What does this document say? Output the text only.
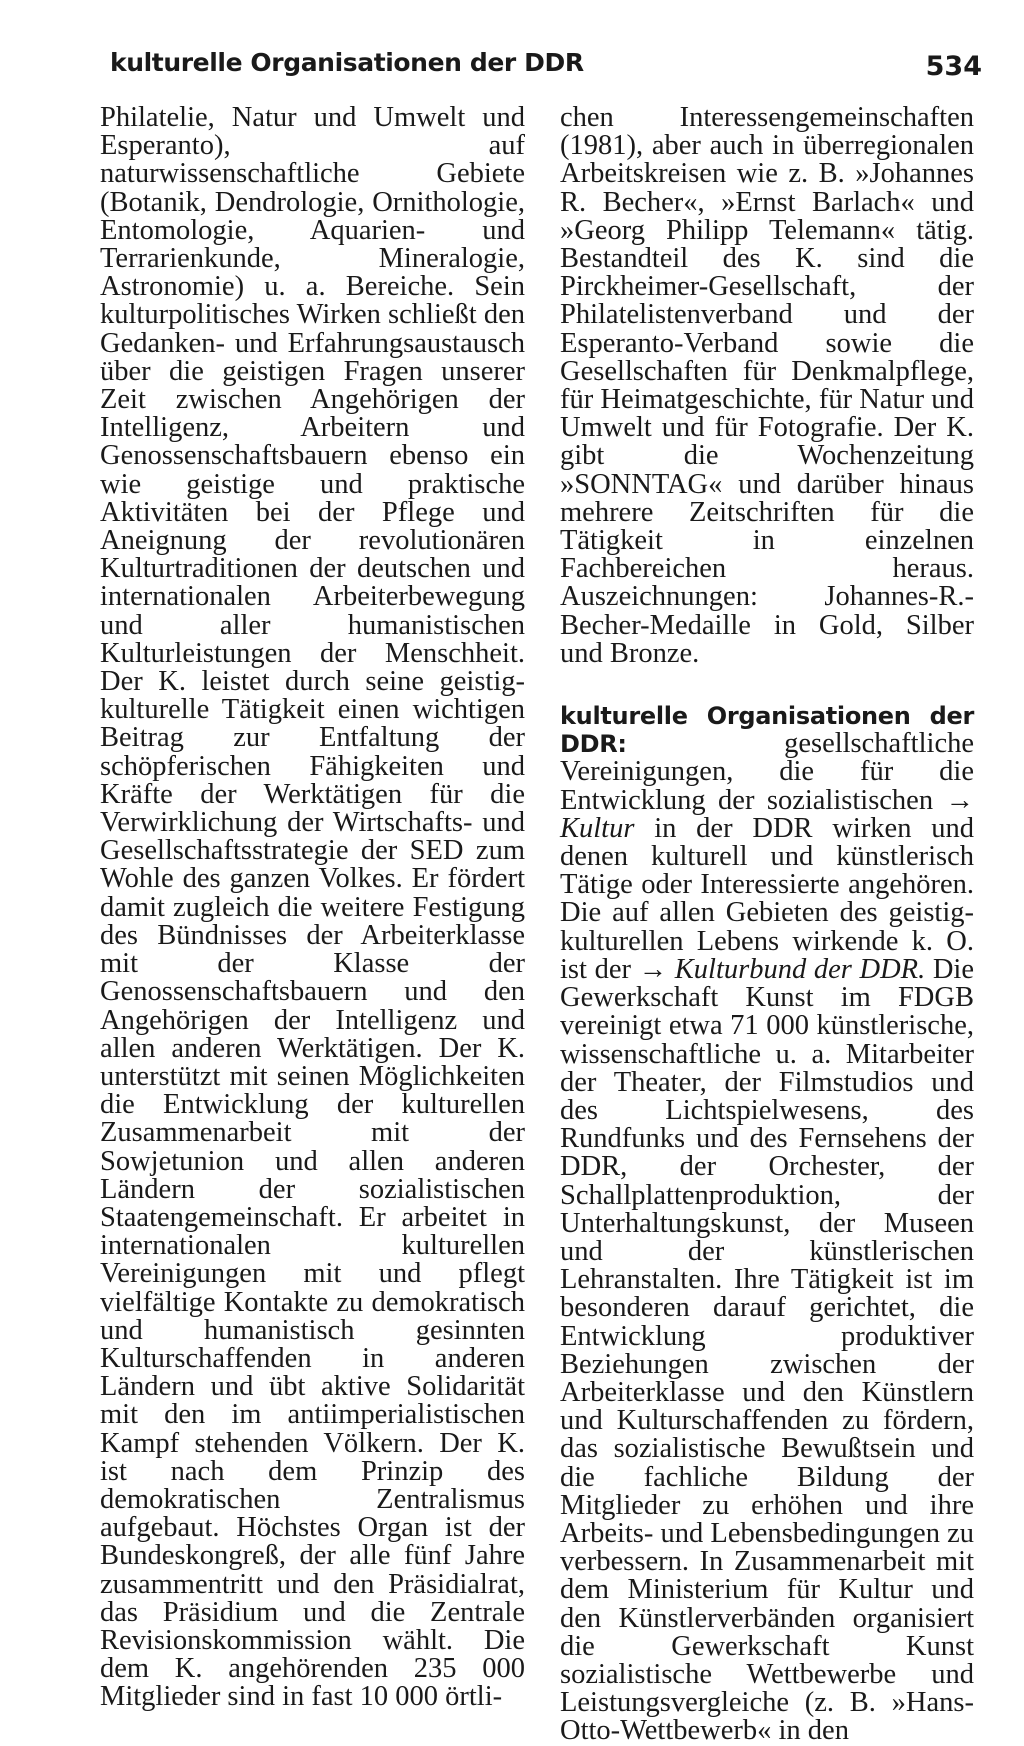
kulturelle Organisationen der DDR	534

Philatelie, Natur und Umwelt und Esperanto), auf naturwissenschaftliche Gebiete (Botanik, Dendrologie, Ornithologie, Entomologie, Aquarien- und Terrarienkunde, Mineralogie, Astronomie) u. a. Bereiche. Sein kulturpolitisches Wirken schließt den Gedanken- und Erfahrungsaustausch über die geistigen Fragen unserer Zeit zwischen Angehörigen der Intelligenz, Arbeitern und Genossenschaftsbauern ebenso ein wie geistige und praktische Aktivitäten bei der Pflege und Aneignung der revolutionären Kulturtraditionen der deutschen und internationalen Arbeiterbewegung und aller humanistischen Kulturleistungen der Menschheit. Der K. leistet durch seine geistig-kulturelle Tätigkeit einen wichtigen Beitrag zur Entfaltung der schöpferischen Fähigkeiten und Kräfte der Werktätigen für die Verwirklichung der Wirtschafts- und Gesellschaftsstrategie der SED zum Wohle des ganzen Volkes. Er fördert damit zugleich die weitere Festigung des Bündnisses der Arbeiterklasse mit der Klasse der Genossenschaftsbauern und den Angehörigen der Intelligenz und allen anderen Werktätigen. Der K. unterstützt mit seinen Möglichkeiten die Entwicklung der kulturellen Zusammenarbeit mit der Sowjetunion und allen anderen Ländern der sozialistischen Staatengemeinschaft. Er arbeitet in internationalen kulturellen Vereinigungen mit und pflegt vielfältige Kontakte zu demokratisch und humanistisch gesinnten Kulturschaffenden in anderen Ländern und übt aktive Solidarität mit den im antiimperialistischen Kampf stehenden Völkern. Der K. ist nach dem Prinzip des demokratischen Zentralismus aufgebaut. Höchstes Organ ist der Bundeskongreß, der alle fünf Jahre zusammentritt und den Präsidialrat, das Präsidium und die Zentrale Revisionskommission wählt. Die dem K. angehörenden 235 000 Mitglieder sind in fast 10 000 örtli-

chen Interessengemeinschaften (1981), aber auch in überregionalen Arbeitskreisen wie z. B. »Johannes R. Becher«, »Ernst Barlach« und »Georg Philipp Telemann« tätig. Bestandteil des K. sind die Pirckheimer-Gesellschaft, der Philatelistenverband und der Esperanto-Verband sowie die Gesellschaften für Denkmalpflege, für Heimatgeschichte, für Natur und Umwelt und für Fotografie. Der K. gibt die Wochenzeitung »SONNTAG« und darüber hinaus mehrere Zeitschriften für die Tätigkeit in einzelnen Fachbereichen heraus. Auszeichnungen: Johannes-R.-Becher-Medaille in Gold, Silber und Bronze.

kulturelle Organisationen der DDR: gesellschaftliche Vereinigungen, die für die Entwicklung der sozialistischen → Kultur in der DDR wirken und denen kulturell und künstlerisch Tätige oder Interessierte angehören. Die auf allen Gebieten des geistig-kulturellen Lebens wirkende k. O. ist der → Kulturbund der DDR. Die Gewerkschaft Kunst im FDGB vereinigt etwa 71 000 künstlerische, wissenschaftliche u. a. Mitarbeiter der Theater, der Filmstudios und des Lichtspielwesens, des Rundfunks und des Fernsehens der DDR, der Orchester, der Schallplattenproduktion, der Unterhaltungskunst, der Museen und der künstlerischen Lehranstalten. Ihre Tätigkeit ist im besonderen darauf gerichtet, die Entwicklung produktiver Beziehungen zwischen der Arbeiterklasse und den Künstlern und Kulturschaffenden zu fördern, das sozialistische Bewußtsein und die fachliche Bildung der Mitglieder zu erhöhen und ihre Arbeits- und Lebensbedingungen zu verbessern. In Zusammenarbeit mit dem Ministerium für Kultur und den Künstlerverbänden organisiert die Gewerkschaft Kunst sozialistische Wettbewerbe und Leistungsvergleiche (z. B. »Hans-Otto-Wettbewerb« in den
